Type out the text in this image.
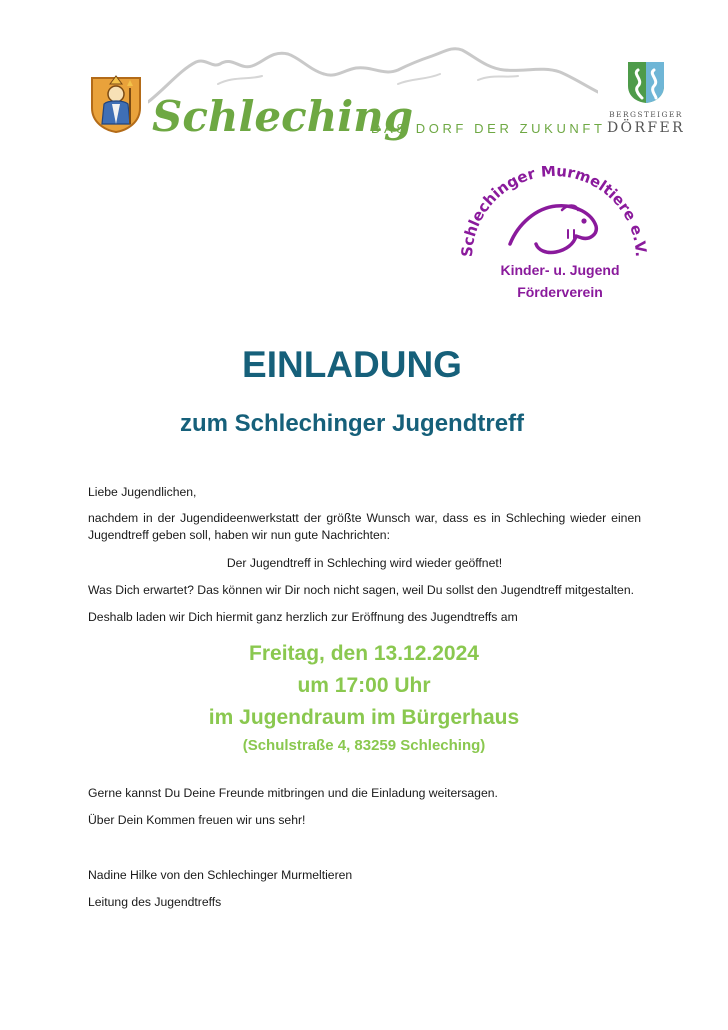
Schleching
DAS DORF DER ZUKUNFT
BERGSTEIGER
DÖRFER
Schlechinger Murmeltiere e.V
Kinder- u. Jugend
Förderverein
EINLADUNG
zum Schlechinger Jugendtreff

Liebe Jugendlichen,

nachdem in der Jugendideenwerkstatt der größte Wunsch war, dass es in Schleching wieder einen Jugendtreff geben soll, haben wir nun gute Nachrichten:

Der Jugendtreff in Schleching wird wieder geöffnet!

Was Dich erwartet? Das können wir Dir noch nicht sagen, weil Du sollst den Jugendtreff mitgestalten.

Deshalb laden wir Dich hiermit ganz herzlich zur Eröffnung des Jugendtreffs am

Freitag, den 13.12.2024

um 17:00 Uhr

im Jugendraum im Bürgerhaus

(Schulstraße 4, 83259 Schleching)

Gerne kannst Du Deine Freunde mitbringen und die Einladung weitersagen.

Über Dein Kommen freuen wir uns sehr!

Nadine Hilke von den Schlechinger Murmeltieren

Leitung des Jugendtreffs
